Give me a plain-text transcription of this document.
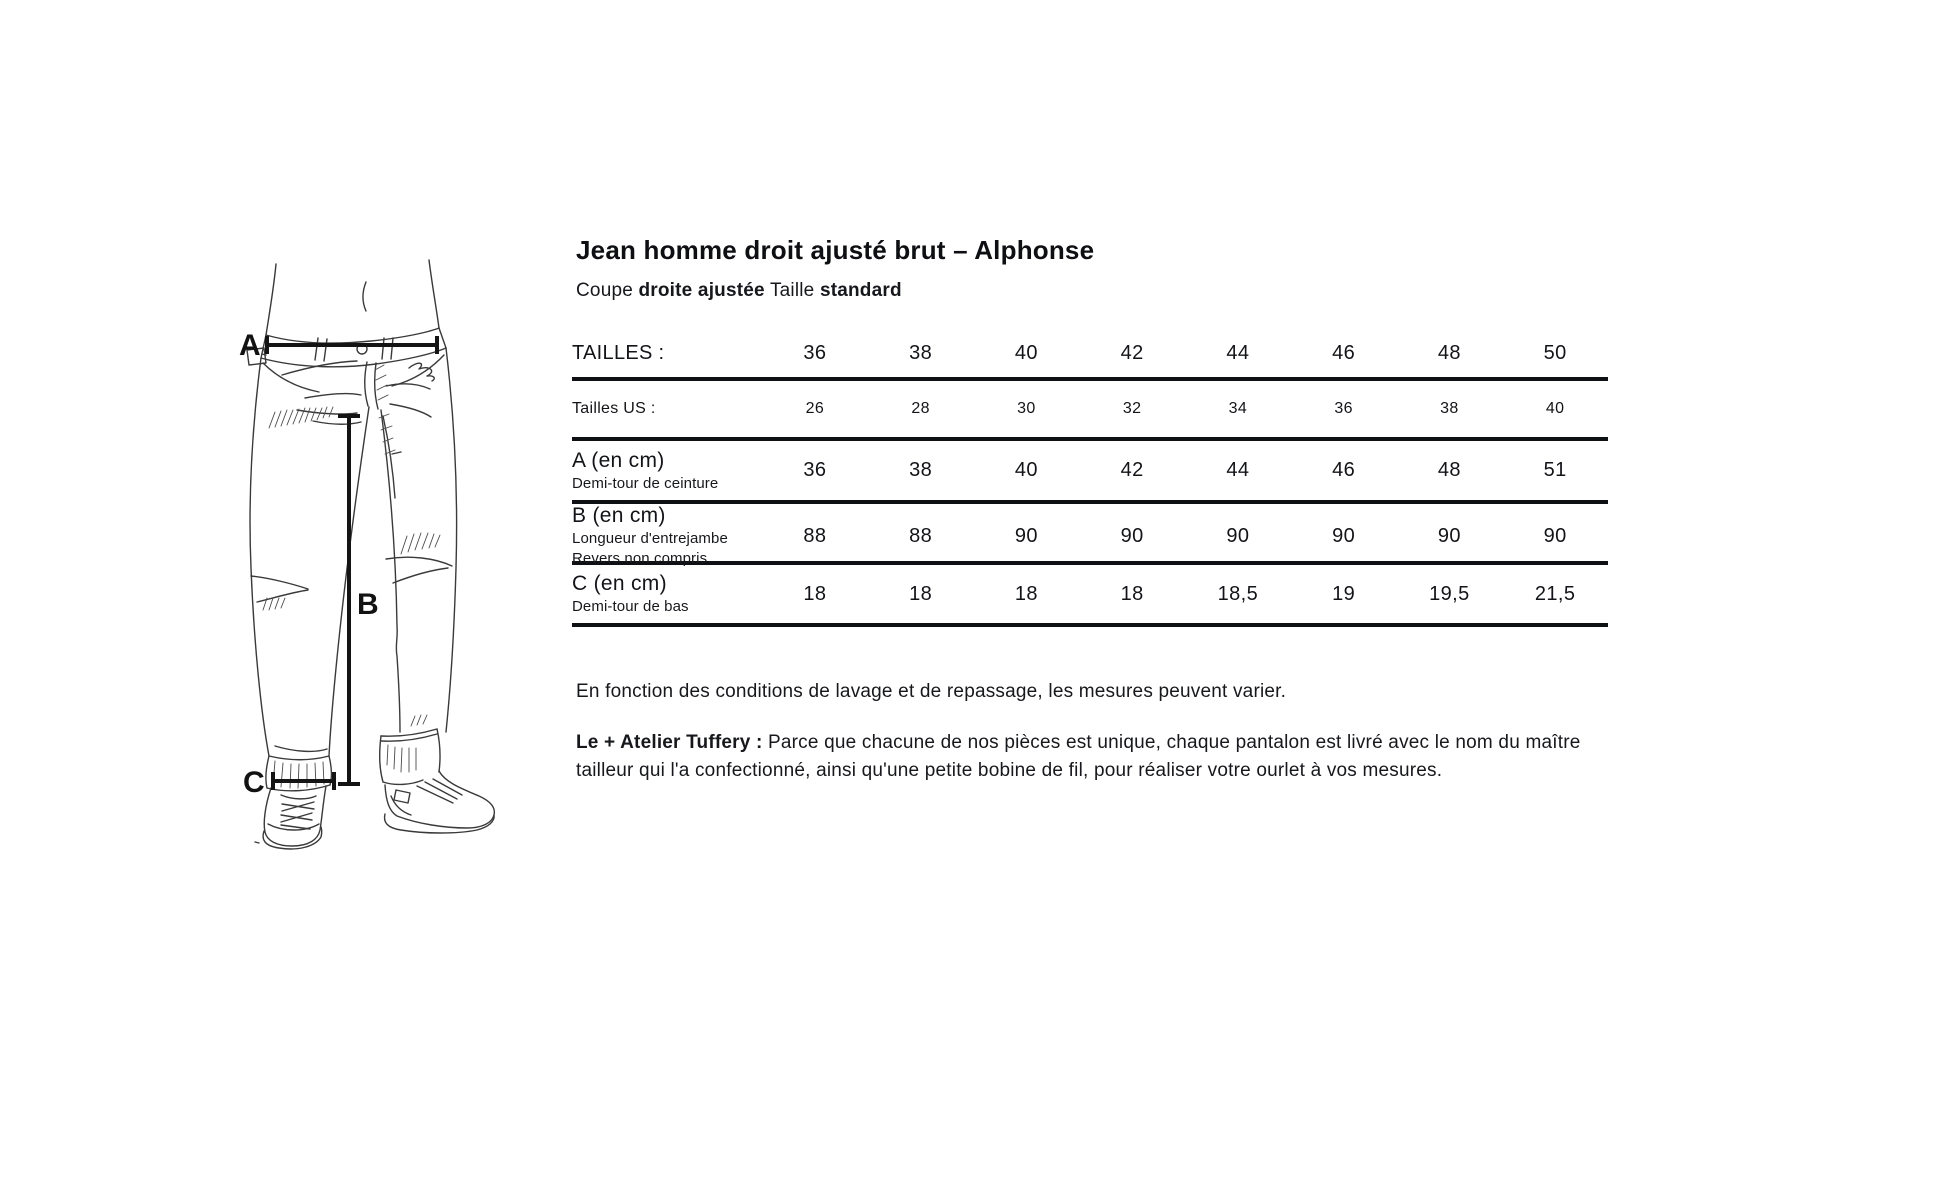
A
B
C
Jean homme droit ajusté brut – Alphonse

Coupe droite ajustée Taille standard

TAILLES :	36	38	40	42	44	46	48	50
Tailles US :	26	28	30	32	34	36	38	40
A (en cm)
Demi-tour de ceinture
36	38	40	42	44	46	48	51
B (en cm)
Longueur d'entrejambe
Revers non compris
88	88	90	90	90	90	90	90
C (en cm)
Demi-tour de bas
18	18	18	18	18,5	19	19,5	21,5

En fonction des conditions de lavage et de repassage, les mesures peuvent varier.

Le + Atelier Tuffery : Parce que chacune de nos pièces est unique, chaque pantalon est livré avec le nom du maître tailleur qui l'a confectionné, ainsi qu'une petite bobine de fil, pour réaliser votre ourlet à vos mesures.
